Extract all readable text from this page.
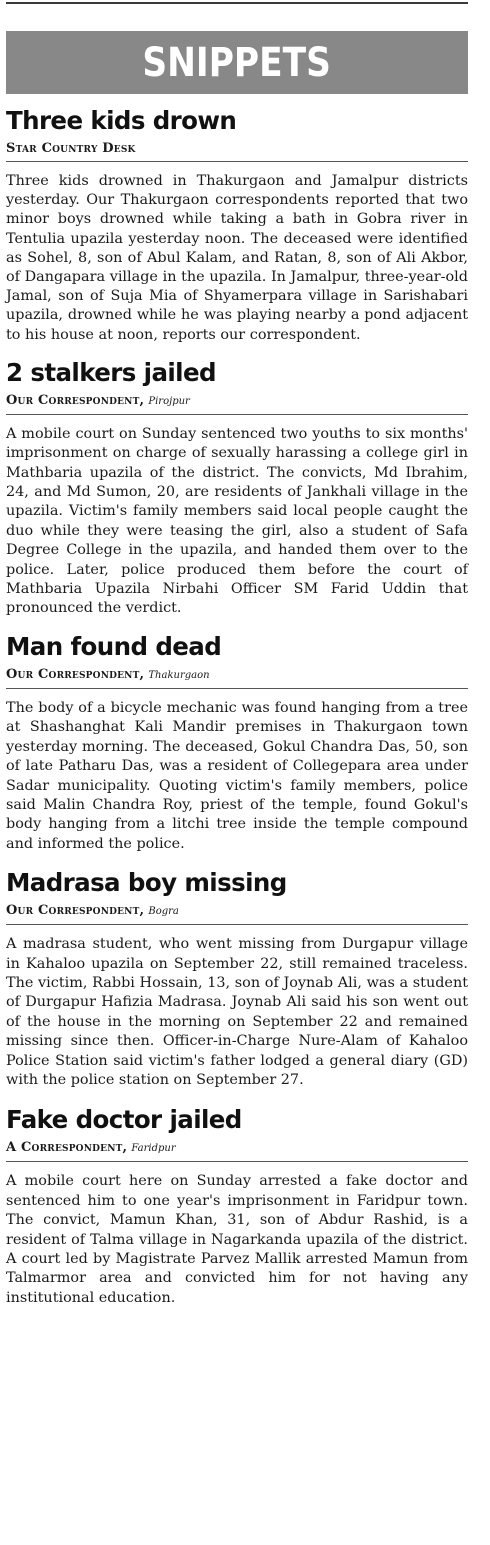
SNIPPETS
Three kids drown
Star Country Desk

Three kids drowned in Thakurgaon and Jamalpur districts yesterday. Our Thakurgaon correspondents reported that two minor boys drowned while taking a bath in Gobra river in Tentulia upazila yesterday noon. The deceased were identified as Sohel, 8, son of Abul Kalam, and Ratan, 8, son of Ali Akbor, of Dangapara village in the upazila. In Jamalpur, three-year-old Jamal, son of Suja Mia of Shyamerpara village in Sarishabari upazila, drowned while he was playing nearby a pond adjacent to his house at noon, reports our correspondent.

2 stalkers jailed
Our Correspondent, Pirojpur

A mobile court on Sunday sentenced two youths to six months' imprisonment on charge of sexually harassing a college girl in Mathbaria upazila of the district. The convicts, Md Ibrahim, 24, and Md Sumon, 20, are residents of Jankhali village in the upazila. Victim's family members said local people caught the duo while they were teasing the girl, also a student of Safa Degree College in the upazila, and handed them over to the police. Later, police produced them before the court of Mathbaria Upazila Nirbahi Officer SM Farid Uddin that pronounced the verdict.

Man found dead
Our Correspondent, Thakurgaon

The body of a bicycle mechanic was found hanging from a tree at Shashanghat Kali Mandir premises in Thakurgaon town yesterday morning. The deceased, Gokul Chandra Das, 50, son of late Patharu Das, was a resident of Collegepara area under Sadar municipality. Quoting victim's family members, police said Malin Chandra Roy, priest of the temple, found Gokul's body hanging from a litchi tree inside the temple compound and informed the police.

Madrasa boy missing
Our Correspondent, Bogra

A madrasa student, who went missing from Durgapur village in Kahaloo upazila on September 22, still remained traceless. The victim, Rabbi Hossain, 13, son of Joynab Ali, was a student of Durgapur Hafizia Madrasa. Joynab Ali said his son went out of the house in the morning on September 22 and remained missing since then. Officer-in-Charge Nure-Alam of Kahaloo Police Station said victim's father lodged a general diary (GD) with the police station on September 27.

Fake doctor jailed
A Correspondent, Faridpur

A mobile court here on Sunday arrested a fake doctor and sentenced him to one year's imprisonment in Faridpur town. The convict, Mamun Khan, 31, son of Abdur Rashid, is a resident of Talma village in Nagarkanda upazila of the district. A court led by Magistrate Parvez Mallik arrested Mamun from Talmarmor area and convicted him for not having any institutional education.
